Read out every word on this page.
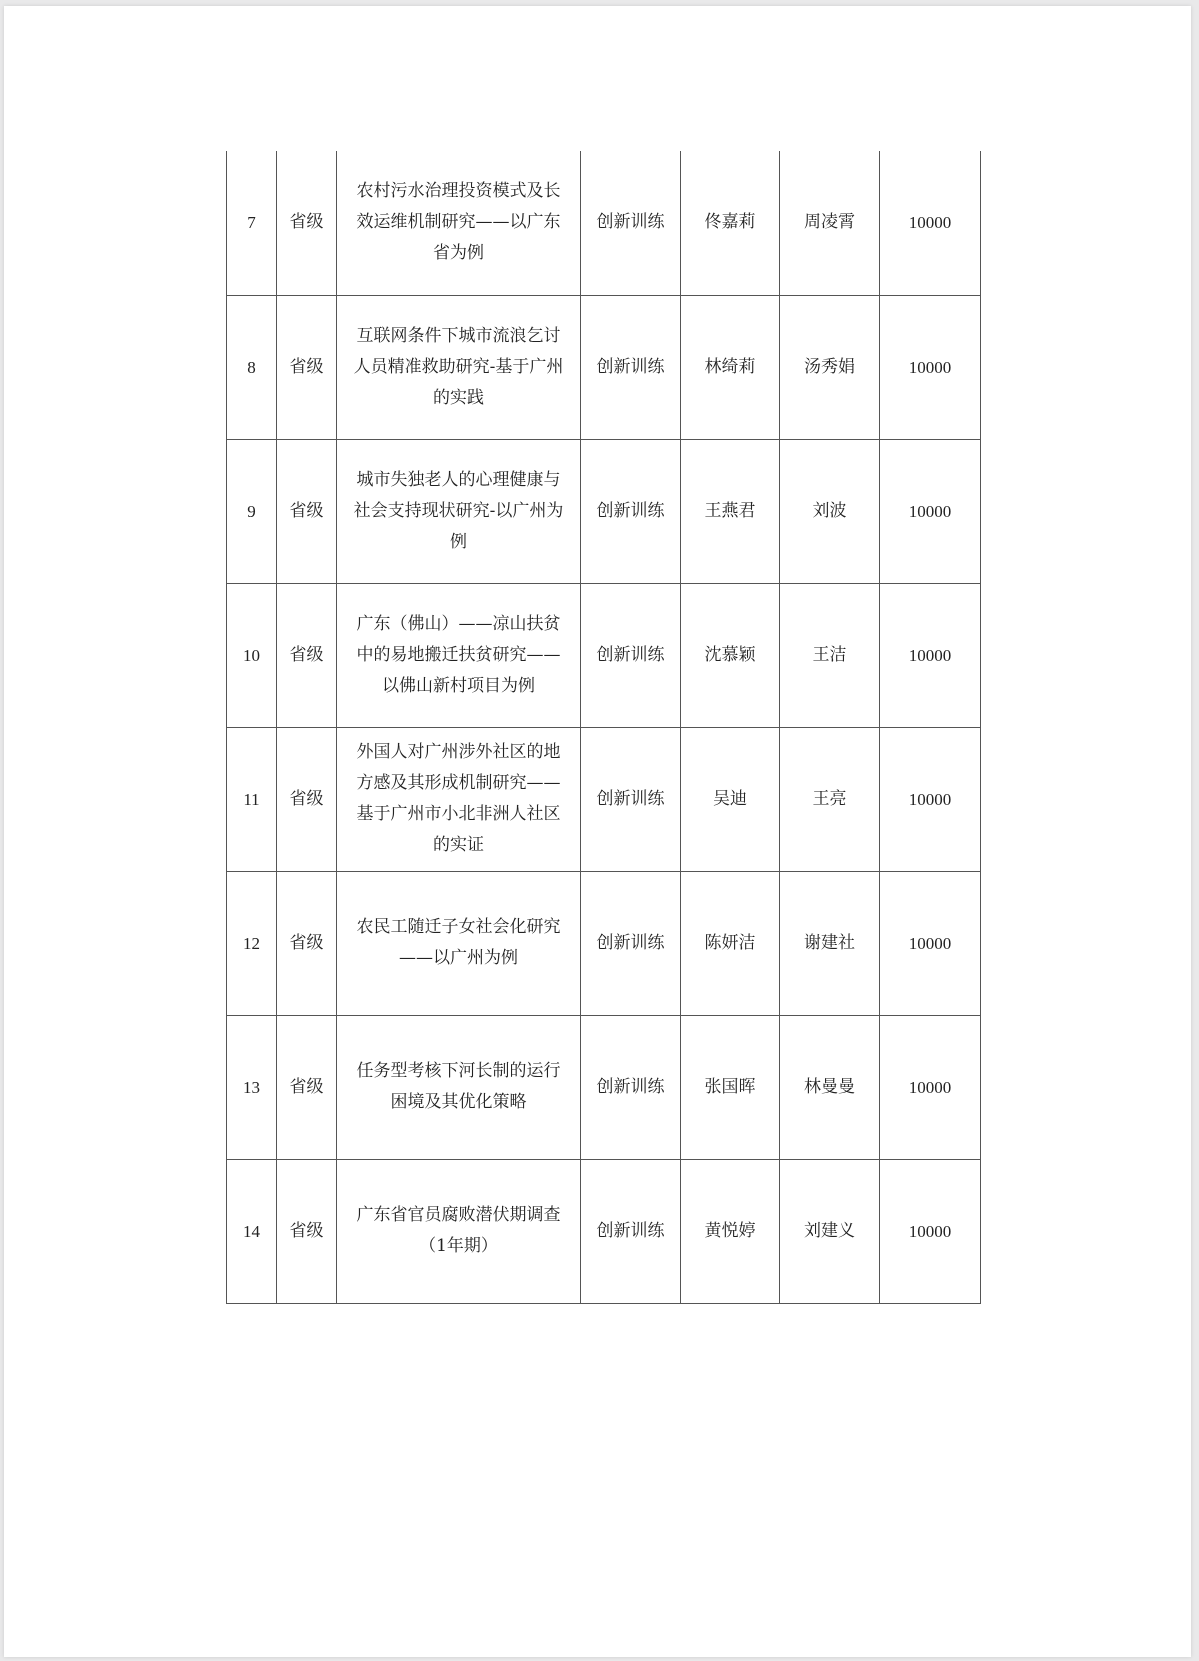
7	省级	农村污水治理投资模式及长效运维机制研究——以广东省为例	创新训练	佟嘉莉	周凌霄	10000
8	省级	互联网条件下城市流浪乞讨人员精准救助研究-基于广州的实践	创新训练	林绮莉	汤秀娟	10000
9	省级	城市失独老人的心理健康与社会支持现状研究-以广州为例	创新训练	王燕君	刘波	10000
10	省级	广东（佛山）——凉山扶贫中的易地搬迁扶贫研究——以佛山新村项目为例	创新训练	沈慕颖	王洁	10000
11	省级	外国人对广州涉外社区的地方感及其形成机制研究——基于广州市小北非洲人社区的实证	创新训练	吴迪	王亮	10000
12	省级	农民工随迁子女社会化研究——以广州为例	创新训练	陈妍洁	谢建社	10000
13	省级	任务型考核下河长制的运行困境及其优化策略	创新训练	张国晖	林曼曼	10000
14	省级	广东省官员腐败潜伏期调查（1年期）	创新训练	黄悦婷	刘建义	10000
